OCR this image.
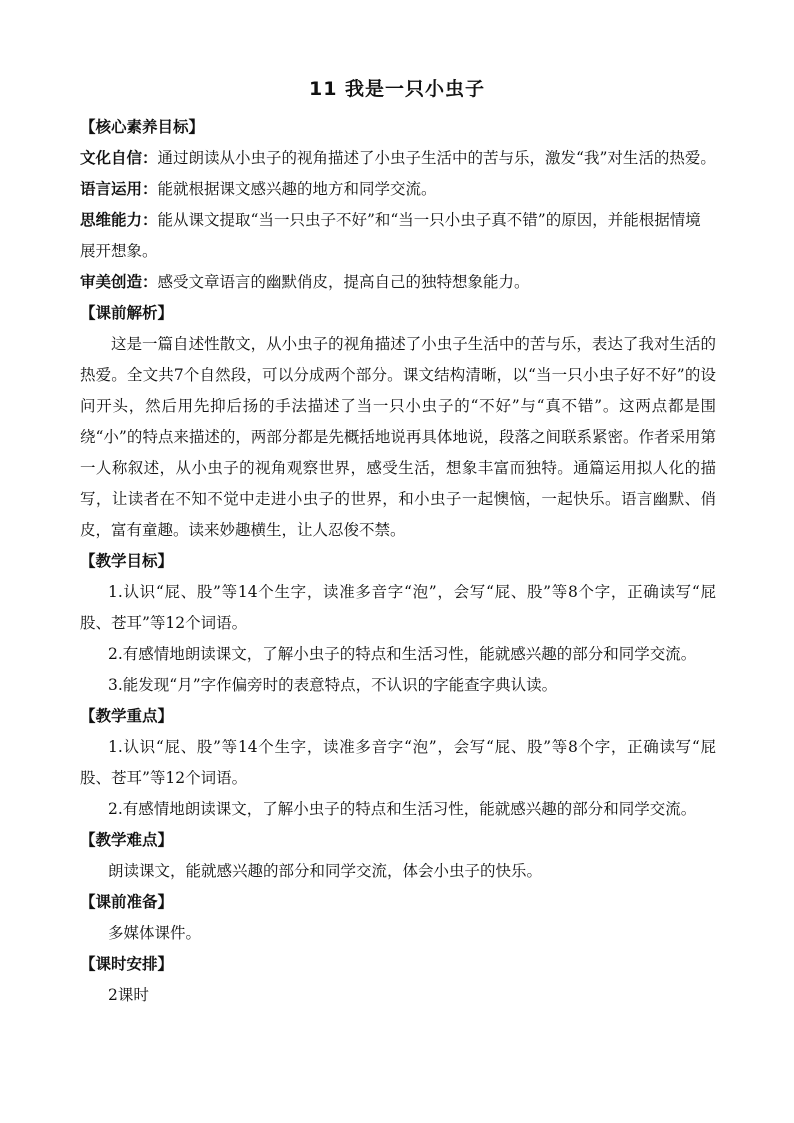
11 我是一只小虫子
【核心素养目标】

文化自信：通过朗读从小虫子的视角描述了小虫子生活中的苦与乐，激发“我”对生活的热爱。

语言运用：能就根据课文感兴趣的地方和同学交流。

思维能力：能从课文提取“当一只虫子不好”和“当一只小虫子真不错”的原因，并能根据情境展开想象。

审美创造：感受文章语言的幽默俏皮，提高自己的独特想象能力。

【课前解析】

这是一篇自述性散文，从小虫子的视角描述了小虫子生活中的苦与乐，表达了我对生活的热爱。全文共7个自然段，可以分成两个部分。课文结构清晰，以“当一只小虫子好不好”的设问开头，然后用先抑后扬的手法描述了当一只小虫子的“不好”与“真不错”。这两点都是围绕“小”的特点来描述的，两部分都是先概括地说再具体地说，段落之间联系紧密。作者采用第一人称叙述，从小虫子的视角观察世界，感受生活，想象丰富而独特。通篇运用拟人化的描写，让读者在不知不觉中走进小虫子的世界，和小虫子一起懊恼，一起快乐。语言幽默、俏皮，富有童趣。读来妙趣横生，让人忍俊不禁。

【教学目标】

1.认识“屁、股”等14个生字，读准多音字“泡”，会写“屁、股”等8个字，正确读写“屁股、苍耳”等12个词语。

2.有感情地朗读课文，了解小虫子的特点和生活习性，能就感兴趣的部分和同学交流。

3.能发现“月”字作偏旁时的表意特点，不认识的字能查字典认读。

【教学重点】

1.认识“屁、股”等14个生字，读准多音字“泡”，会写“屁、股”等8个字，正确读写“屁股、苍耳”等12个词语。

2.有感情地朗读课文，了解小虫子的特点和生活习性，能就感兴趣的部分和同学交流。

【教学难点】

朗读课文，能就感兴趣的部分和同学交流，体会小虫子的快乐。

【课前准备】

多媒体课件。

【课时安排】

2课时
